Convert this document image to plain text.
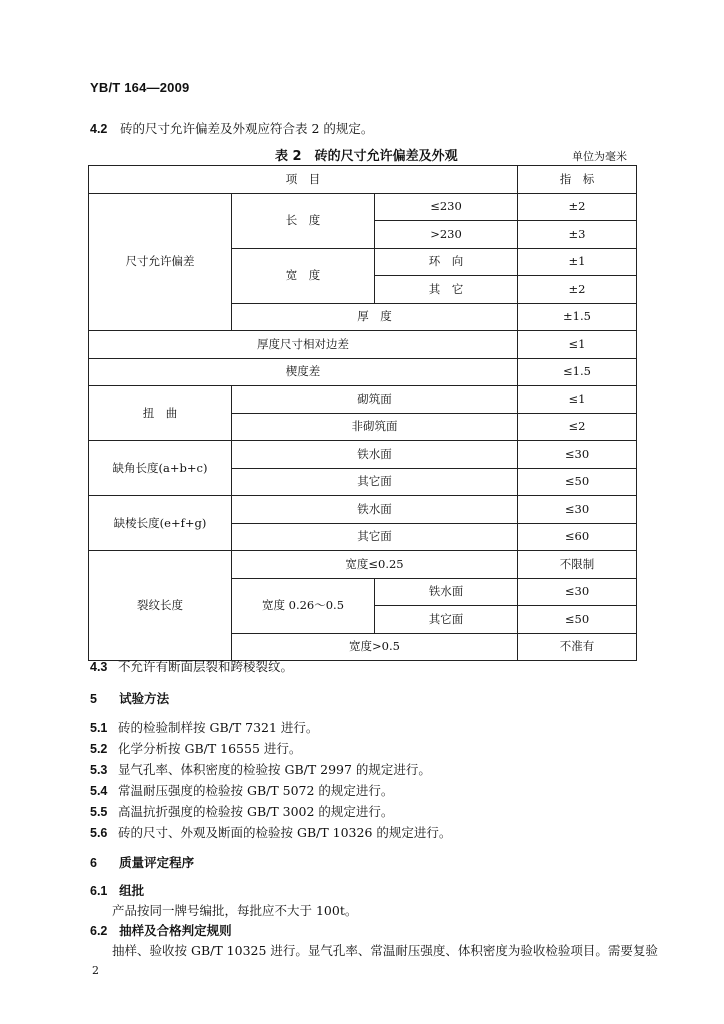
YB/T 164—2009
4.2 砖的尺寸允许偏差及外观应符合表 2 的规定。
表 2　砖的尺寸允许偏差及外观	单位为毫米
项　目			指　标
尺寸允许偏差	长　度	≤230	±2
		>230	±3
	宽　度	环　向	±1
		其　它	±2
	厚　度		±1.5
厚度尺寸相对边差			≤1
楔度差			≤1.5
扭　曲	砌筑面		≤1
	非砌筑面		≤2
缺角长度(a+b+c)	铁水面		≤30
	其它面		≤50
缺棱长度(e+f+g)	铁水面		≤30
	其它面		≤60
裂纹长度	宽度≤0.25		不限制
	宽度 0.26～0.5	铁水面	≤30
		其它面	≤50
	宽度>0.5		不准有
4.3 不允许有断面层裂和跨棱裂纹。
5 试验方法
5.1 砖的检验制样按 GB/T 7321 进行。
5.2 化学分析按 GB/T 16555 进行。
5.3 显气孔率、体积密度的检验按 GB/T 2997 的规定进行。
5.4 常温耐压强度的检验按 GB/T 5072 的规定进行。
5.5 高温抗折强度的检验按 GB/T 3002 的规定进行。
5.6 砖的尺寸、外观及断面的检验按 GB/T 10326 的规定进行。
6 质量评定程序
6.1 组批
产品按同一牌号编批，每批应不大于 100t。
6.2 抽样及合格判定规则
抽样、验收按 GB/T 10325 进行。显气孔率、常温耐压强度、体积密度为验收检验项目。需要复验
2
